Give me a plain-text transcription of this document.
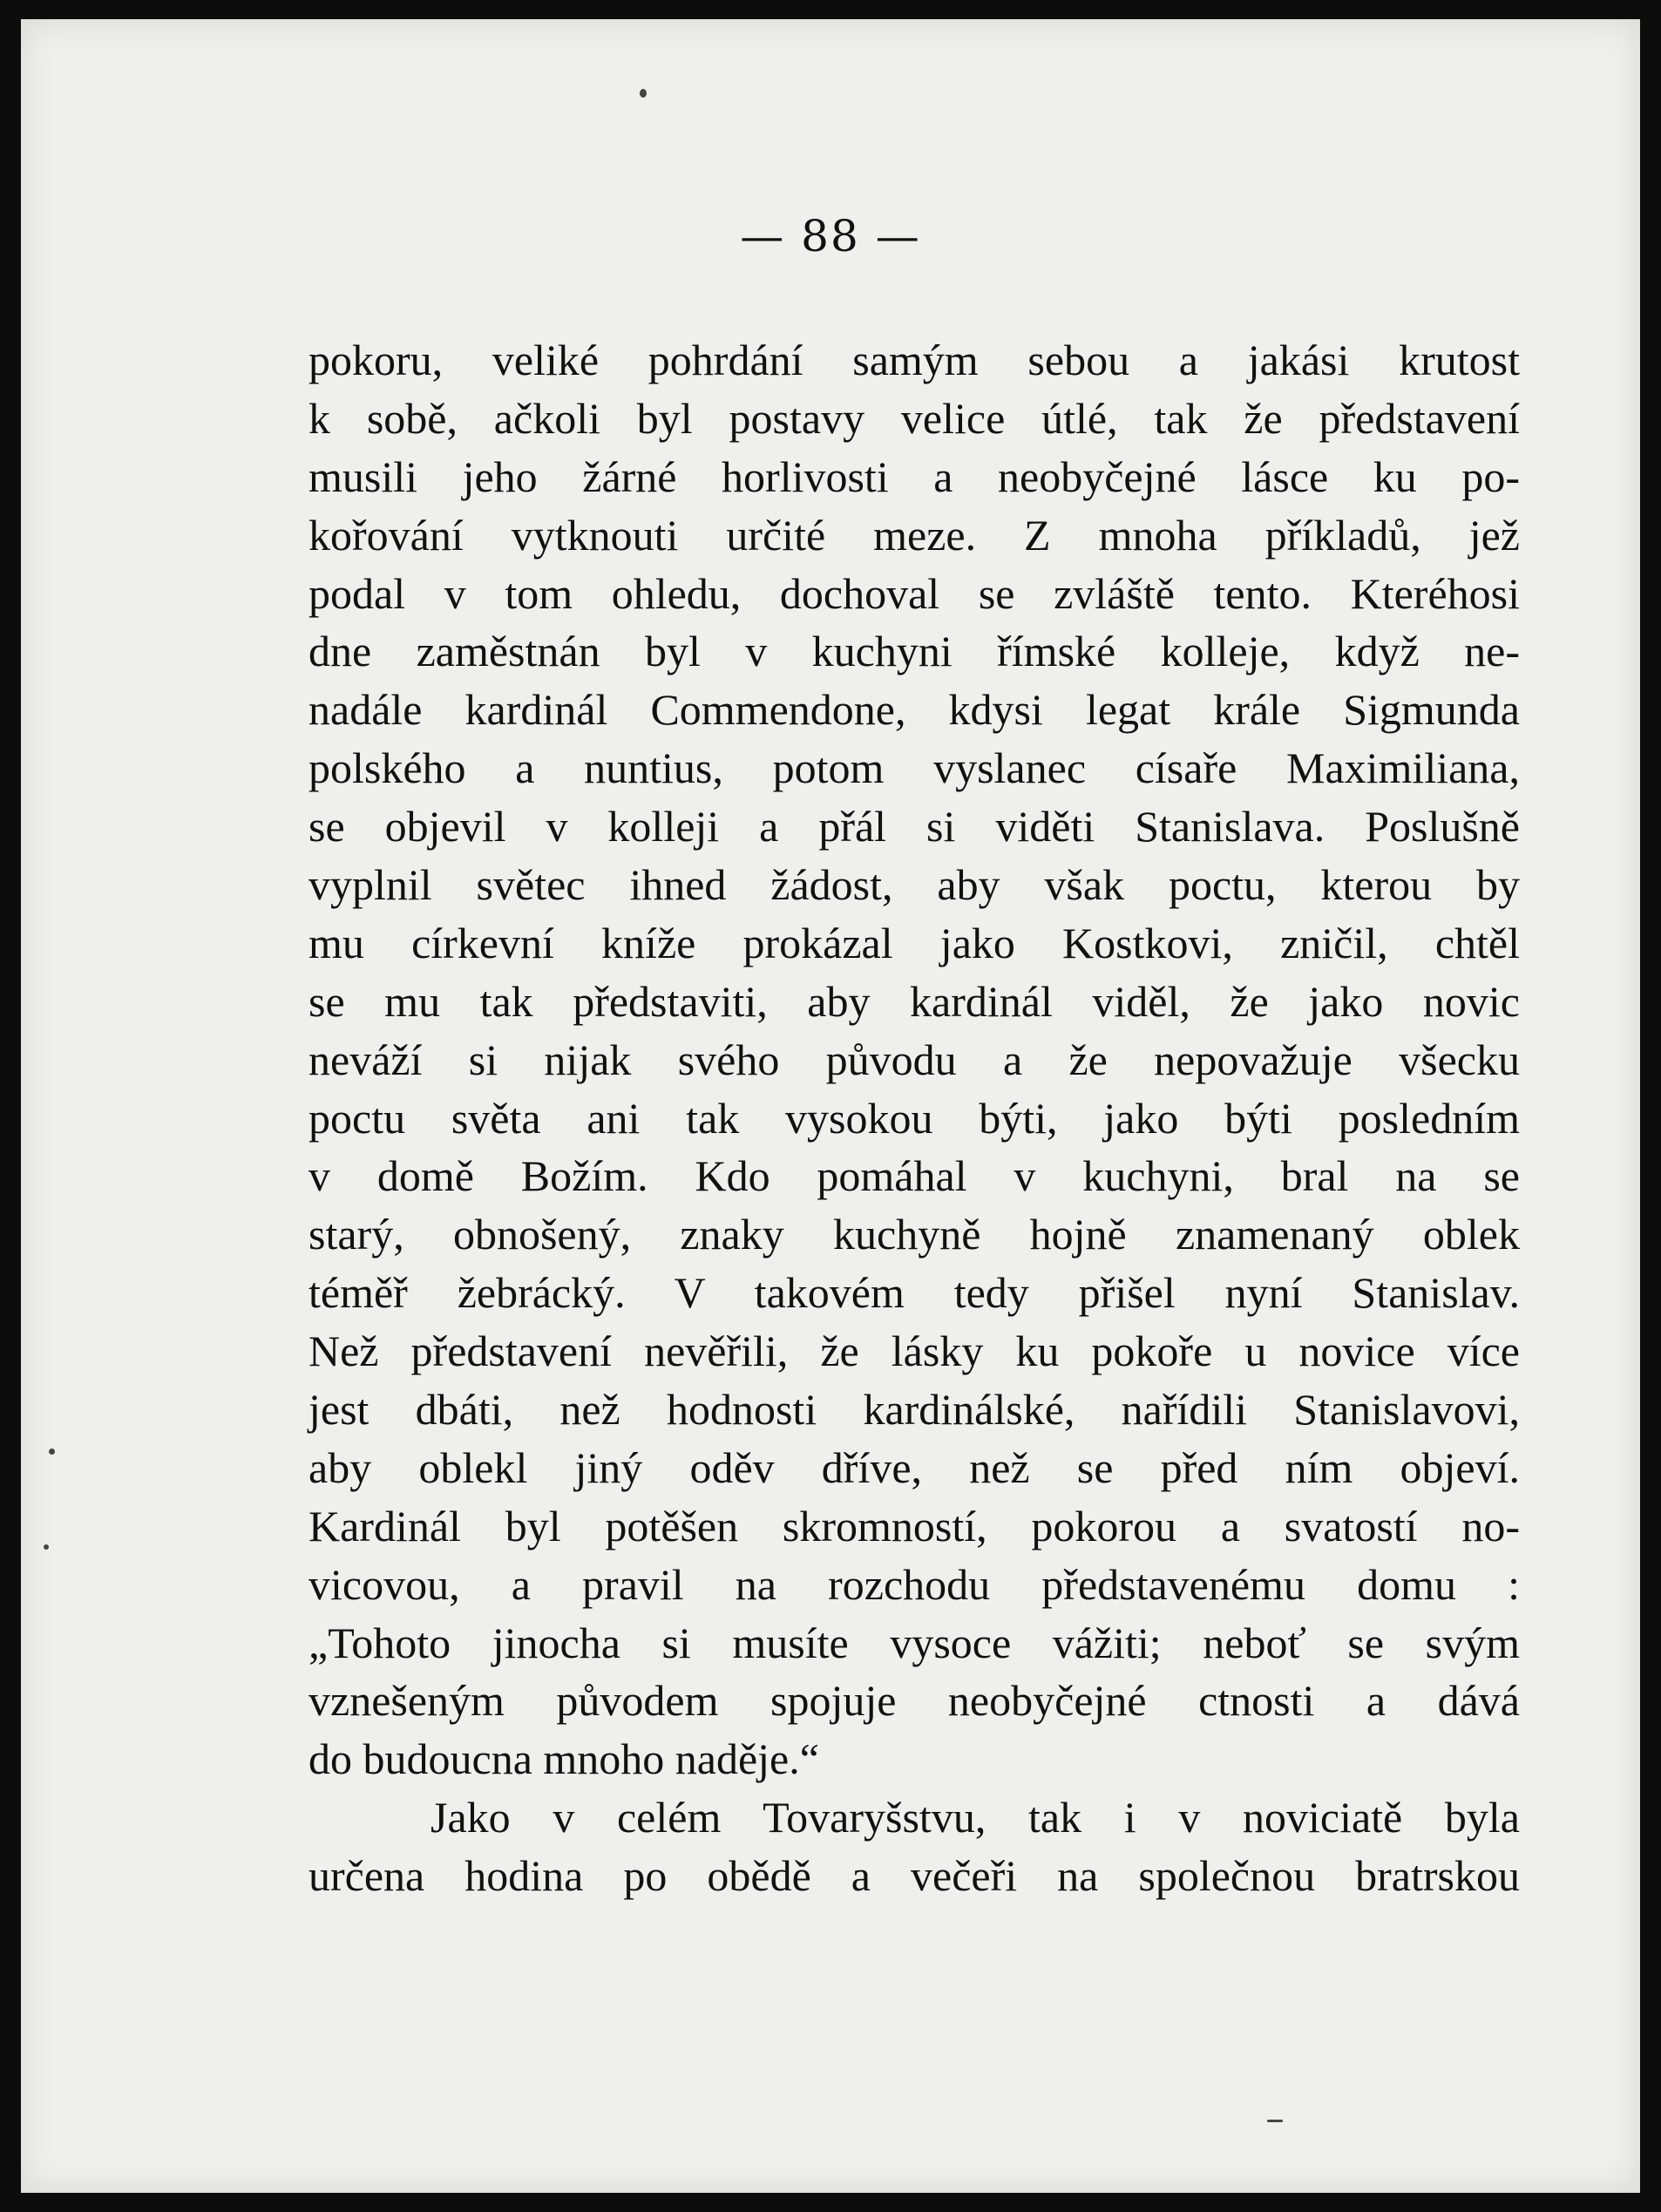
— 88 —
pokoru, veliké pohrdání samým sebou a jakási krutost
k sobě, ačkoli byl postavy velice útlé, tak že představení
musili jeho žárné horlivosti a neobyčejné lásce ku po-
kořování vytknouti určité meze. Z mnoha příkladů, jež
podal v tom ohledu, dochoval se zvláště tento. Kteréhosi
dne zaměstnán byl v kuchyni římské kolleje, když ne-
nadále kardinál Commendone, kdysi legat krále Sigmunda
polského a nuntius, potom vyslanec císaře Maximiliana,
se objevil v kolleji a přál si viděti Stanislava. Poslušně
vyplnil světec ihned žádost, aby však poctu, kterou by
mu církevní kníže prokázal jako Kostkovi, zničil, chtěl
se mu tak představiti, aby kardinál viděl, že jako novic
neváží si nijak svého původu a že nepovažuje všecku
poctu světa ani tak vysokou býti, jako býti posledním
v domě Božím. Kdo pomáhal v kuchyni, bral na se
starý, obnošený, znaky kuchyně hojně znamenaný oblek
téměř žebrácký. V takovém tedy přišel nyní Stanislav.
Než představení nevěřili, že lásky ku pokoře u novice více
jest dbáti, než hodnosti kardinálské, nařídili Stanislavovi,
aby oblekl jiný oděv dříve, než se před ním objeví.
Kardinál byl potěšen skromností, pokorou a svatostí no-
vicovou, a pravil na rozchodu představenému domu :
„Tohoto jinocha si musíte vysoce vážiti; neboť se svým
vznešeným původem spojuje neobyčejné ctnosti a dává
do budoucna mnoho naděje.“
Jako v celém Tovaryšstvu, tak i v noviciatě byla
určena hodina po obědě a večeři na společnou bratrskou
